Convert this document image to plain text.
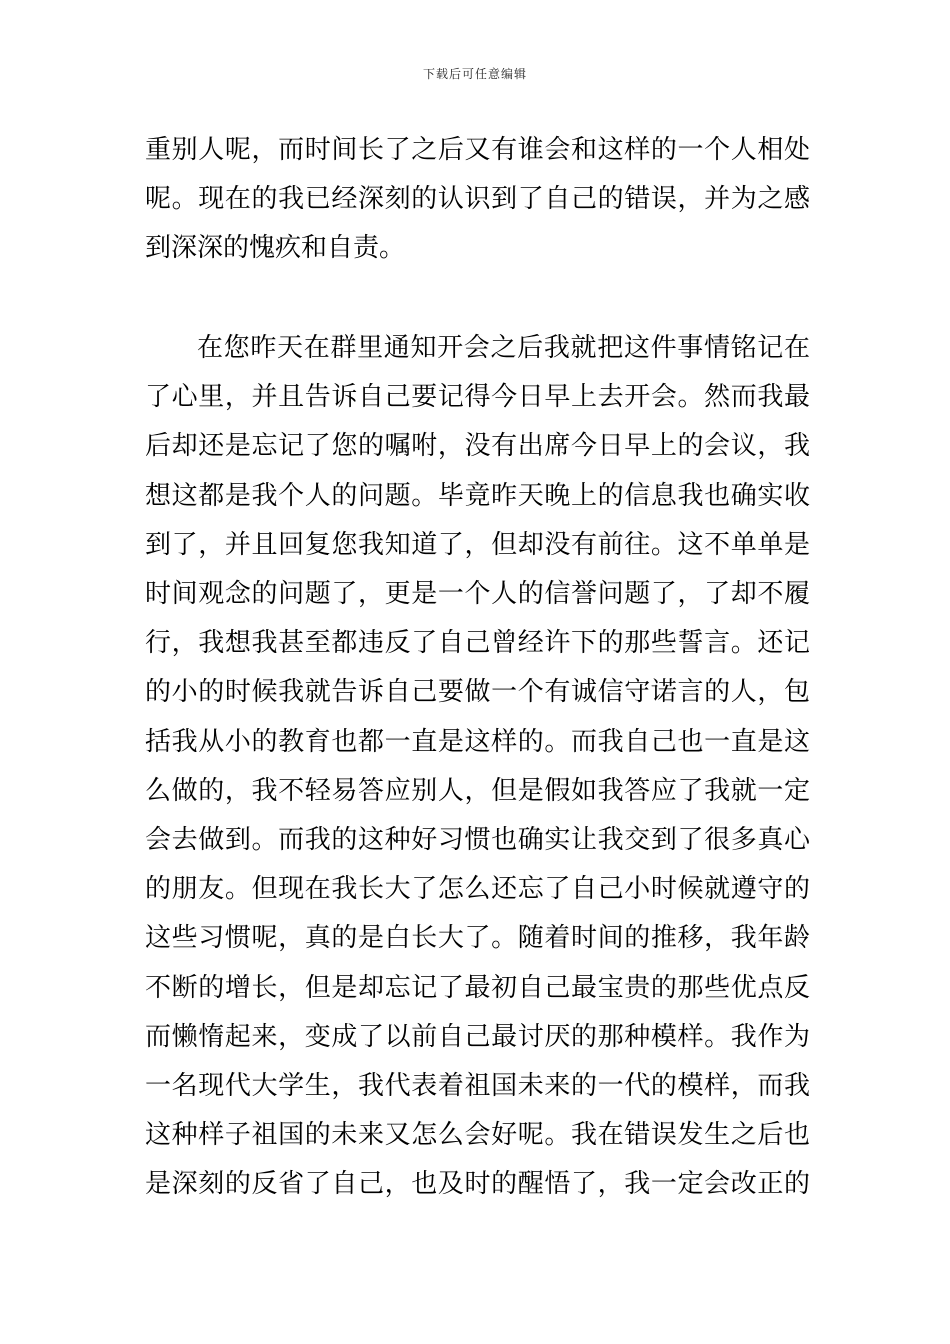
下载后可任意编辑
重别人呢，而时间长了之后又有谁会和这样的一个人相处
呢。现在的我已经深刻的认识到了自己的错误，并为之感
到深深的愧疚和自责。
在您昨天在群里通知开会之后我就把这件事情铭记在
了心里，并且告诉自己要记得今日早上去开会。然而我最
后却还是忘记了您的嘱咐，没有出席今日早上的会议，我
想这都是我个人的问题。毕竟昨天晚上的信息我也确实收
到了，并且回复您我知道了，但却没有前往。这不单单是
时间观念的问题了，更是一个人的信誉问题了，了却不履
行，我想我甚至都违反了自己曾经许下的那些誓言。还记
的小的时候我就告诉自己要做一个有诚信守诺言的人，包
括我从小的教育也都一直是这样的。而我自己也一直是这
么做的，我不轻易答应别人，但是假如我答应了我就一定
会去做到。而我的这种好习惯也确实让我交到了很多真心
的朋友。但现在我长大了怎么还忘了自己小时候就遵守的
这些习惯呢，真的是白长大了。随着时间的推移，我年龄
不断的增长，但是却忘记了最初自己最宝贵的那些优点反
而懒惰起来，变成了以前自己最讨厌的那种模样。我作为
一名现代大学生，我代表着祖国未来的一代的模样，而我
这种样子祖国的未来又怎么会好呢。我在错误发生之后也
是深刻的反省了自己，也及时的醒悟了，我一定会改正的
